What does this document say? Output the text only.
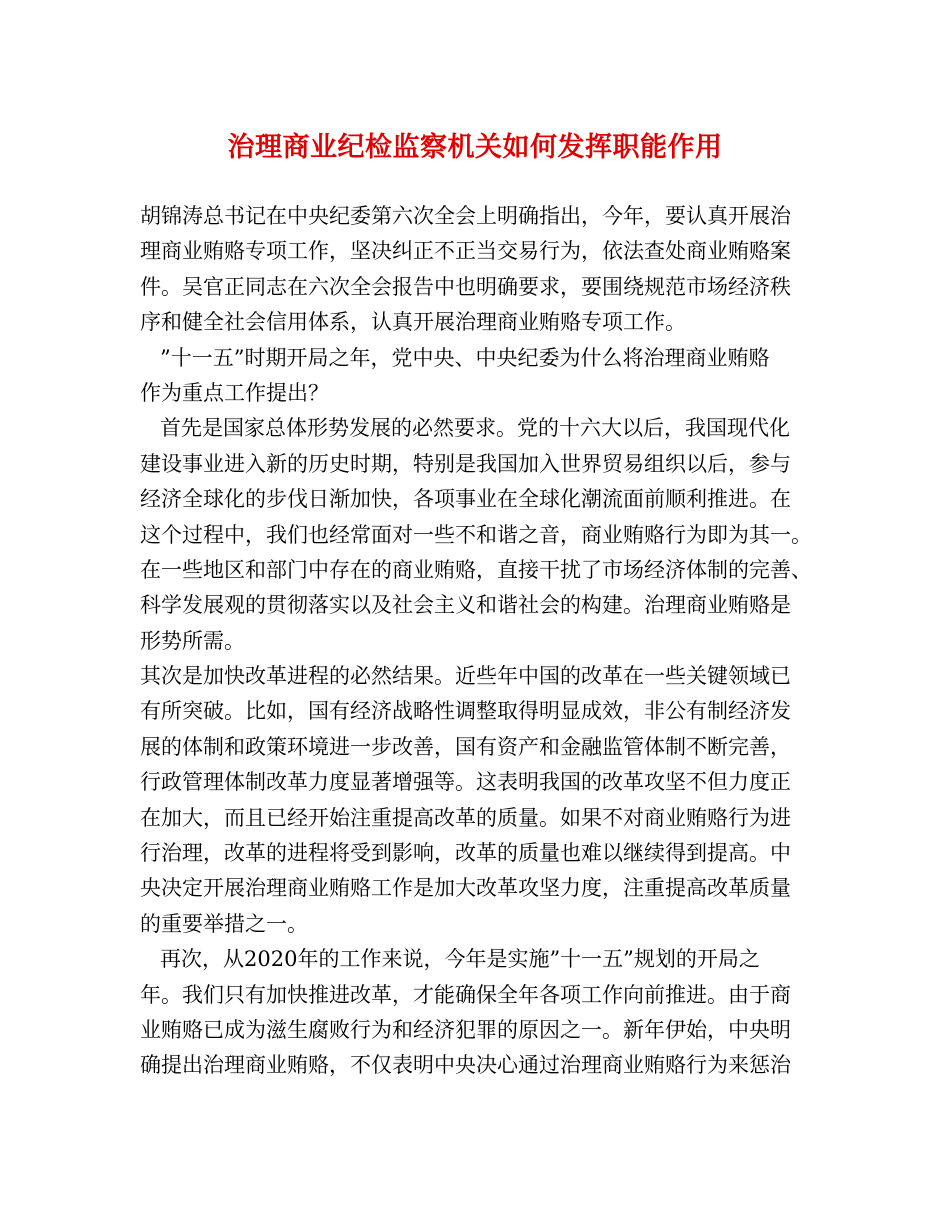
治理商业纪检监察机关如何发挥职能作用
胡锦涛总书记在中央纪委第六次全会上明确指出，今年，要认真开展治
理商业贿赂专项工作，坚决纠正不正当交易行为，依法查处商业贿赂案
件。吴官正同志在六次全会报告中也明确要求，要围绕规范市场经济秩
序和健全社会信用体系，认真开展治理商业贿赂专项工作。
”十一五”时期开局之年，党中央、中央纪委为什么将治理商业贿赂
作为重点工作提出？
首先是国家总体形势发展的必然要求。党的十六大以后，我国现代化
建设事业进入新的历史时期，特别是我国加入世界贸易组织以后，参与
经济全球化的步伐日渐加快，各项事业在全球化潮流面前顺利推进。在
这个过程中，我们也经常面对一些不和谐之音，商业贿赂行为即为其一。
在一些地区和部门中存在的商业贿赂，直接干扰了市场经济体制的完善、
科学发展观的贯彻落实以及社会主义和谐社会的构建。治理商业贿赂是
形势所需。
其次是加快改革进程的必然结果。近些年中国的改革在一些关键领域已
有所突破。比如，国有经济战略性调整取得明显成效，非公有制经济发
展的体制和政策环境进一步改善，国有资产和金融监管体制不断完善，
行政管理体制改革力度显著增强等。这表明我国的改革攻坚不但力度正
在加大，而且已经开始注重提高改革的质量。如果不对商业贿赂行为进
行治理，改革的进程将受到影响，改革的质量也难以继续得到提高。中
央决定开展治理商业贿赂工作是加大改革攻坚力度，注重提高改革质量
的重要举措之一。
再次，从2020年的工作来说，今年是实施”十一五”规划的开局之
年。我们只有加快推进改革，才能确保全年各项工作向前推进。由于商
业贿赂已成为滋生腐败行为和经济犯罪的原因之一。新年伊始，中央明
确提出治理商业贿赂，不仅表明中央决心通过治理商业贿赂行为来惩治
